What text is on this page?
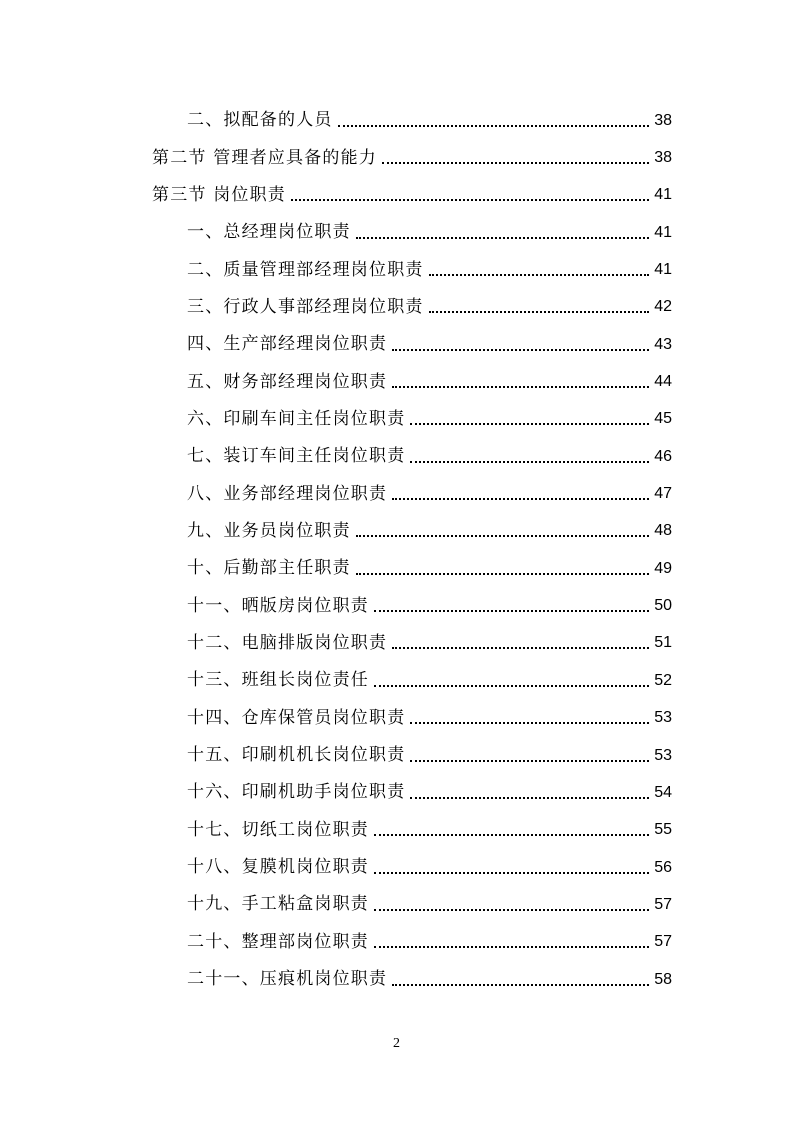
二、拟配备的人员	38
第二节 管理者应具备的能力	38
第三节 岗位职责	41
一、总经理岗位职责	41
二、质量管理部经理岗位职责	41
三、行政人事部经理岗位职责	42
四、生产部经理岗位职责	43
五、财务部经理岗位职责	44
六、印刷车间主任岗位职责	45
七、装订车间主任岗位职责	46
八、业务部经理岗位职责	47
九、业务员岗位职责	48
十、后勤部主任职责	49
十一、晒版房岗位职责	50
十二、电脑排版岗位职责	51
十三、班组长岗位责任	52
十四、仓库保管员岗位职责	53
十五、印刷机机长岗位职责	53
十六、印刷机助手岗位职责	54
十七、切纸工岗位职责	55
十八、复膜机岗位职责	56
十九、手工粘盒岗职责	57
二十、整理部岗位职责	57
二十一、压痕机岗位职责	58
2
